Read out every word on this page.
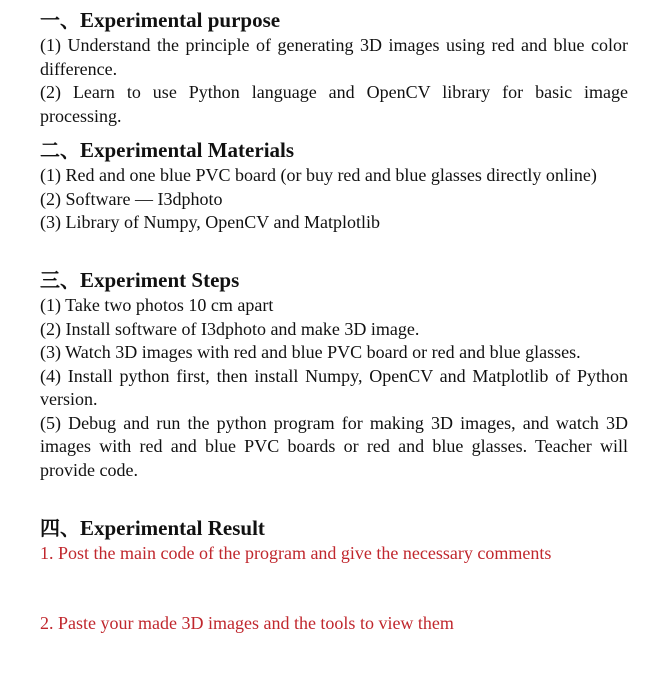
一、Experimental purpose

(1) Understand the principle of generating 3D images using red and blue color difference.

(2) Learn to use Python language and OpenCV library for basic image processing.

二、Experimental Materials

(1) Red and one blue PVC board (or buy red and blue glasses directly online)

(2) Software — I3dphoto

(3) Library of Numpy, OpenCV and Matplotlib

三、Experiment Steps

(1) Take two photos 10 cm apart

(2) Install software of I3dphoto and make 3D image.

(3) Watch 3D images with red and blue PVC board or red and blue glasses.

(4) Install python first, then install Numpy, OpenCV and Matplotlib of Python version.

(5) Debug and run the python program for making 3D images, and watch 3D images with red and blue PVC boards or red and blue glasses. Teacher will provide code.

四、Experimental Result

1. Post the main code of the program and give the necessary comments

2. Paste your made 3D images and the tools to view them
